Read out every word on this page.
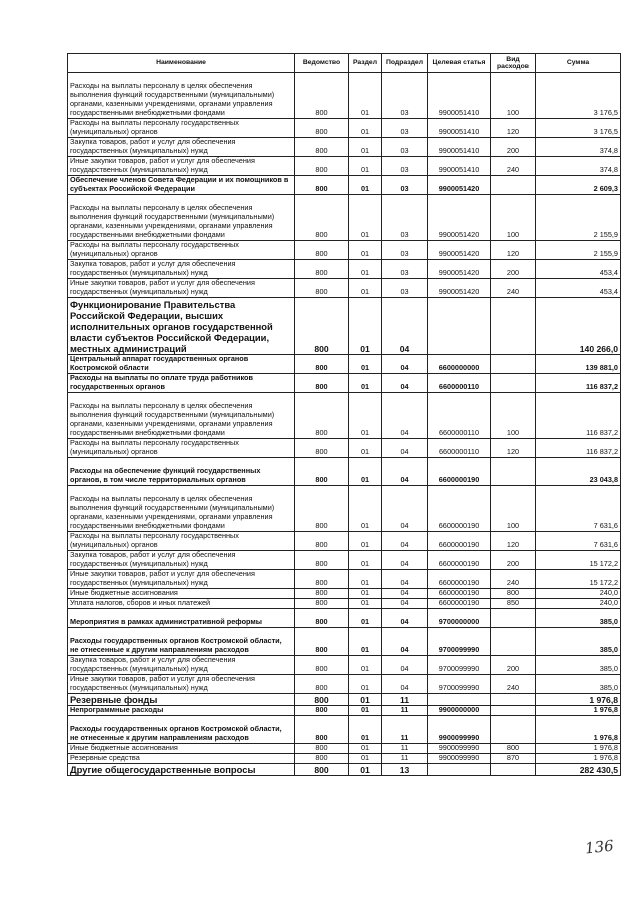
Наименование	Ведомство	Раздел	Подраздел	Целевая статья	Вид расходов	Сумма
Расходы на выплаты персоналу в целях обеспечения выполнения функций государственными (муниципальными) органами, казенными учреждениями, органами управления государственными внебюджетными фондами	800	01	03	9900051410	100	3 176,5
Расходы на выплаты персоналу государственных (муниципальных) органов	800	01	03	9900051410	120	3 176,5
Закупка товаров, работ и услуг для обеспечения государственных (муниципальных) нужд	800	01	03	9900051410	200	374,8
Иные закупки товаров, работ и услуг для обеспечения государственных (муниципальных) нужд	800	01	03	9900051410	240	374,8
Обеспечение членов Совета Федерации и их помощников в субъектах Российской Федерации	800	01	03	9900051420		2 609,3
Расходы на выплаты персоналу в целях обеспечения выполнения функций государственными (муниципальными) органами, казенными учреждениями, органами управления государственными внебюджетными фондами	800	01	03	9900051420	100	2 155,9
Расходы на выплаты персоналу государственных (муниципальных) органов	800	01	03	9900051420	120	2 155,9
Закупка товаров, работ и услуг для обеспечения государственных (муниципальных) нужд	800	01	03	9900051420	200	453,4
Иные закупки товаров, работ и услуг для обеспечения государственных (муниципальных) нужд	800	01	03	9900051420	240	453,4
Функционирование Правительства Российской Федерации, высших исполнительных органов государственной власти субъектов Российской Федерации, местных администраций	800	01	04			140 266,0
Центральный аппарат государственных органов Костромской области	800	01	04	6600000000		139 881,0
Расходы на выплаты по оплате труда работников государственных органов	800	01	04	6600000110		116 837,2
Расходы на выплаты персоналу в целях обеспечения выполнения функций государственными (муниципальными) органами, казенными учреждениями, органами управления государственными внебюджетными фондами	800	01	04	6600000110	100	116 837,2
Расходы на выплаты персоналу государственных (муниципальных) органов	800	01	04	6600000110	120	116 837,2
Расходы на обеспечение функций государственных органов, в том числе территориальных органов	800	01	04	6600000190		23 043,8
Расходы на выплаты персоналу в целях обеспечения выполнения функций государственными (муниципальными) органами, казенными учреждениями, органами управления государственными внебюджетными фондами	800	01	04	6600000190	100	7 631,6
Расходы на выплаты персоналу государственных (муниципальных) органов	800	01	04	6600000190	120	7 631,6
Закупка товаров, работ и услуг для обеспечения государственных (муниципальных) нужд	800	01	04	6600000190	200	15 172,2
Иные закупки товаров, работ и услуг для обеспечения государственных (муниципальных) нужд	800	01	04	6600000190	240	15 172,2
Иные бюджетные ассигнования	800	01	04	6600000190	800	240,0
Уплата налогов, сборов и иных платежей	800	01	04	6600000190	850	240,0
Мероприятия в рамках административной реформы	800	01	04	9700000000		385,0
Расходы государственных органов Костромской области, не отнесенные к другим направлениям расходов	800	01	04	9700099990		385,0
Закупка товаров, работ и услуг для обеспечения государственных (муниципальных) нужд	800	01	04	9700099990	200	385,0
Иные закупки товаров, работ и услуг для обеспечения государственных (муниципальных) нужд	800	01	04	9700099990	240	385,0
Резервные фонды	800	01	11			1 976,8
Непрограммные расходы	800	01	11	9900000000		1 976,8
Расходы государственных органов Костромской области, не отнесенные к другим направлениям расходов	800	01	11	9900099990		1 976,8
Иные бюджетные ассигнования	800	01	11	9900099990	800	1 976,8
Резервные средства	800	01	11	9900099990	870	1 976,8
Другие общегосударственные вопросы	800	01	13			282 430,5
136
